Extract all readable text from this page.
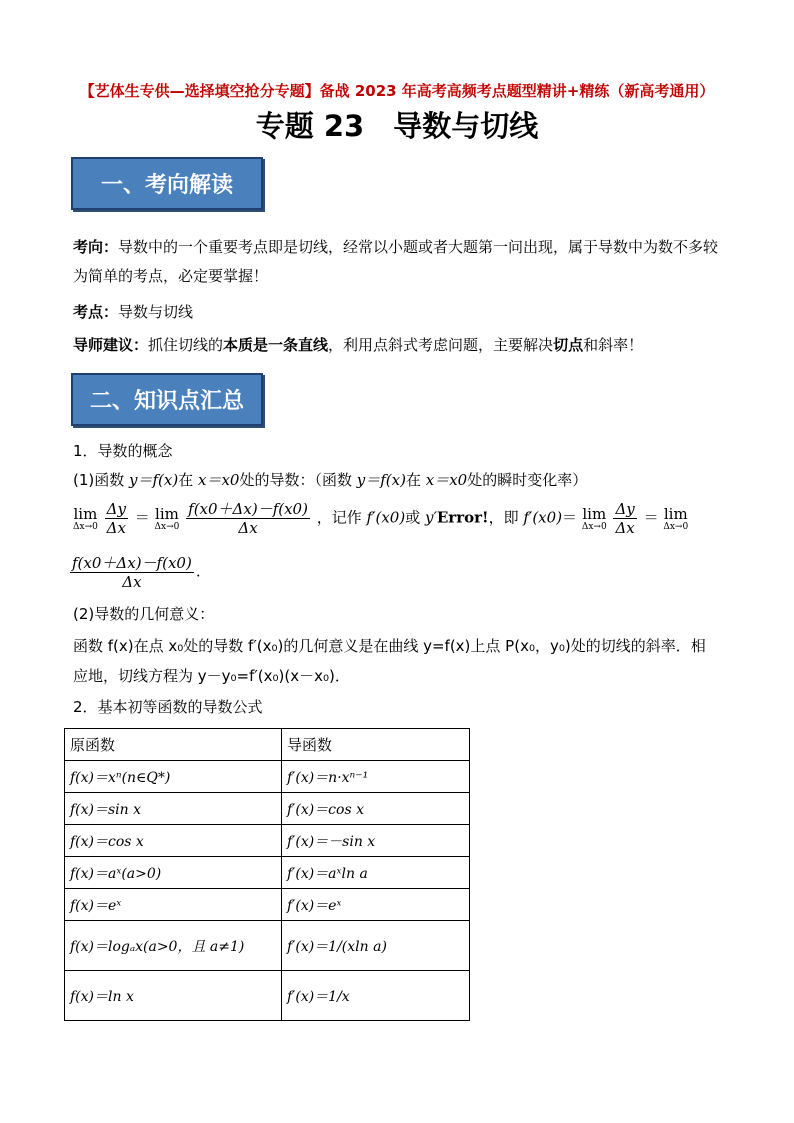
【艺体生专供—选择填空抢分专题】备战 2023 年高考高频考点题型精讲+精练（新高考通用）
专题 23　导数与切线
一、考向解读
考向：导数中的一个重要考点即是切线，经常以小题或者大题第一问出现，属于导数中为数不多较为简单的考点，必定要掌握！
考点：导数与切线
导师建议：抓住切线的本质是一条直线，利用点斜式考虑问题，主要解决切点和斜率！
二、知识点汇总
1．导数的概念
(1)函数 y＝f(x)在 x＝x0处的导数：（函数 y＝f(x)在 x＝x0处的瞬时变化率）
lim
Δx→0
$\frac{\Delta y}{\Delta x} = \lim$
Δx→0
$\frac{f(x0+\Delta x)-f(x0)}{\Delta x}$ ，记作 f′(x0)或 y′Error!，即 f′(x0)＝ lim
Δx→0
$\frac{\Delta y}{\Delta x} = \lim$
Δx→0
$\frac{f(x0+\Delta x)-f(x0)}{\Delta x}$ .
(2)导数的几何意义：
函数 f(x)在点 x₀处的导数 f′(x₀)的几何意义是在曲线 y=f(x)上点 P(x₀，y₀)处的切线的斜率．相
应地，切线方程为 y－y₀=f′(x₀)(x－x₀)．
2．基本初等函数的导数公式
原函数	导函数
f(x)＝xⁿ(n∈Q*)	f′(x)＝n·xⁿ⁻¹
f(x)＝sin x	f′(x)＝cos x
f(x)＝cos x	f′(x)＝－sin x
f(x)＝aˣ(a>0)	f′(x)＝aˣln a
f(x)＝eˣ	f′(x)＝eˣ
f(x)＝logₐx(a>0，且 a≠1)	f′(x)＝1/(xln a)
f(x)＝ln x	f′(x)＝1/x
